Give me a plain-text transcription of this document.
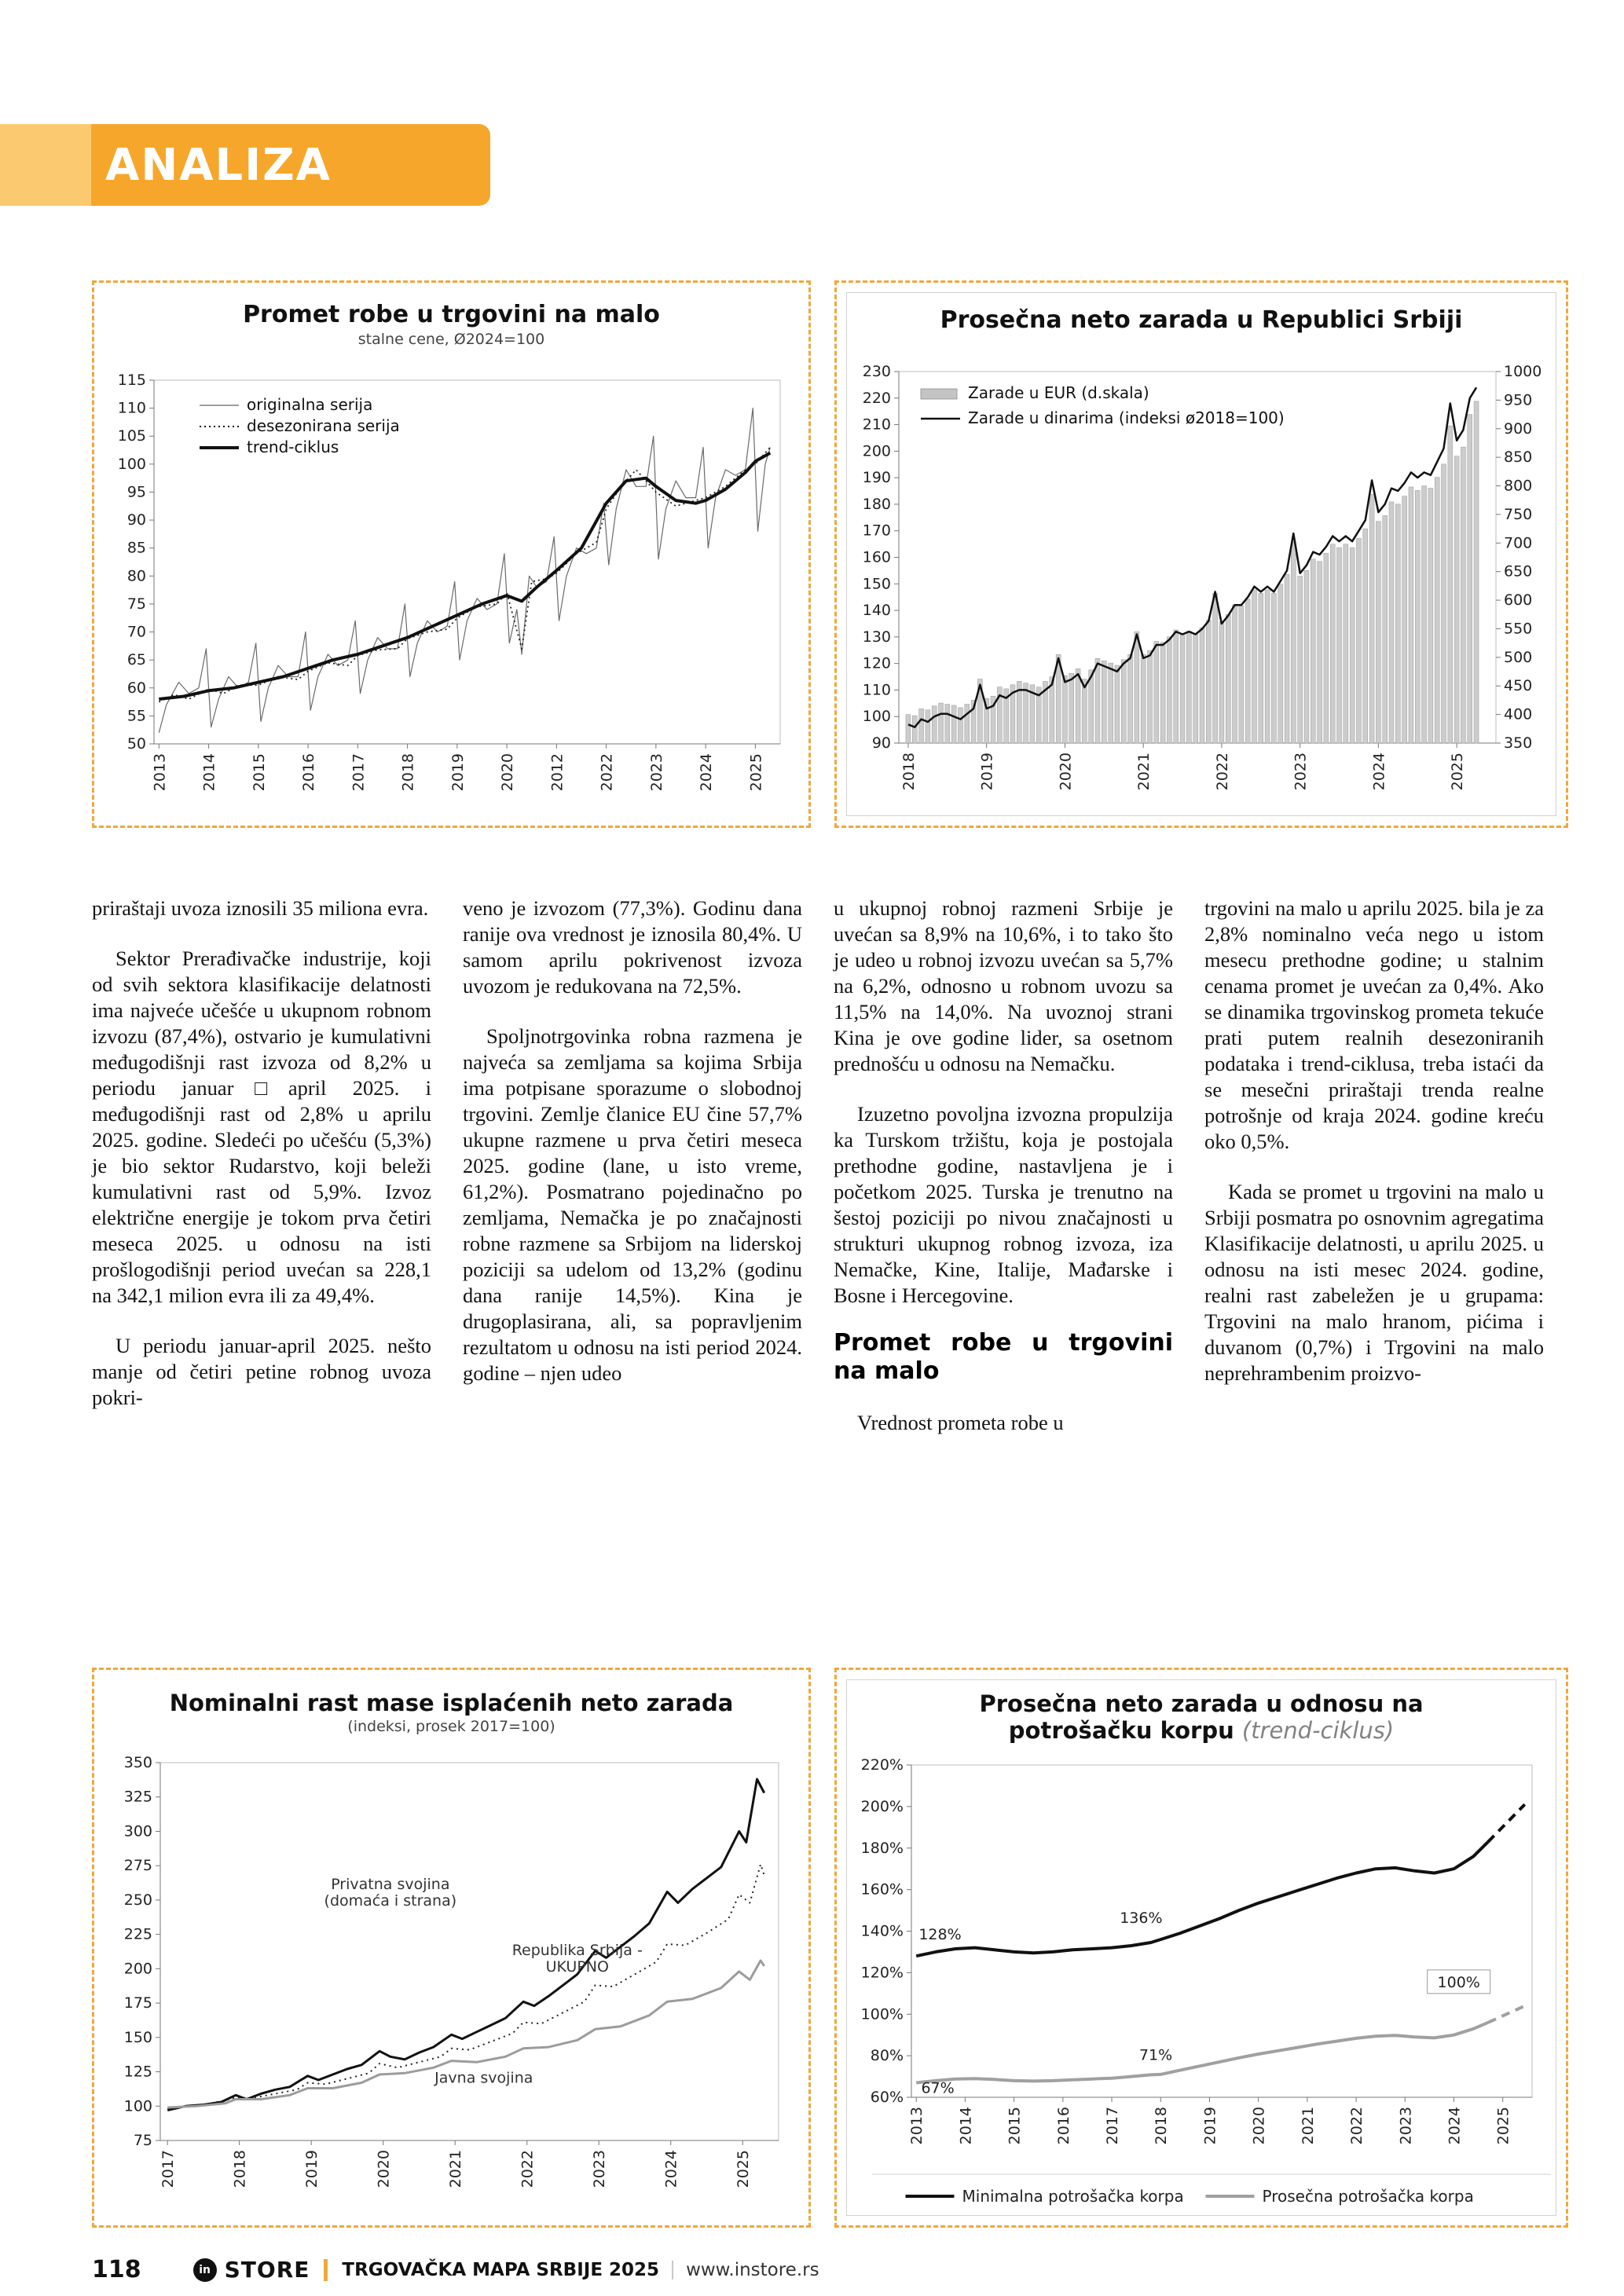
ANALIZA
Promet robe u trgovini na malo
stalne cene, Ø2024=100
50
55
60
65
70
75
80
85
90
95
100
105
110
115
2013 2014 2015 2016 2017 2018 2019 2020 2012 2022 2023 2024 2025
originalna serija
desezonirana serija
trend-ciklus
Prosečna neto zarada u Republici Srbiji
90
100
110
120
130
140
150
160
170
180
190
200
210
220
230
350
400
450
500
550
600
650
700
750
800
850
900
950
1000
2018	2019	2020	2021	2022	2023	2024	2025
Zarade u EUR (d.skala)
Zarade u dinarima (indeksi ø2018=100)

priraštaji uvoza iznosili 35 miliona evra.

Sektor Prerađivačke industrije, koji od svih sektora klasifikacije delatnosti ima najveće učešće u ukupnom robnom izvozu (87,4%), ostvario je kumulativni međugodišnji rast izvoza od 8,2% u periodu januar□april 2025. i međugodišnji rast od 2,8% u aprilu 2025. godine. Sledeći po učešću (5,3%) je bio sektor Rudarstvo, koji beleži kumulativni rast od 5,9%. Izvoz električne energije je tokom prva četiri meseca 2025. u odnosu na isti prošlogodišnji period uvećan sa 228,1 na 342,1 milion evra ili za 49,4%.

U periodu januar-april 2025. nešto manje od četiri petine robnog uvoza pokri-

veno je izvozom (77,3%). Godinu dana ranije ova vrednost je iznosila 80,4%. U samom aprilu pokrivenost izvoza uvozom je redukovana na 72,5%.

Spoljnotrgovinka robna razmena je najveća sa zemljama sa kojima Srbija ima potpisane sporazume o slobodnoj trgovini. Zemlje članice EU čine 57,7% ukupne razmene u prva četiri meseca 2025. godine (lane, u isto vreme, 61,2%). Posmatrano pojedinačno po zemljama, Nemačka je po značajnosti robne razmene sa Srbijom na liderskoj poziciji sa udelom od 13,2% (godinu dana ranije 14,5%). Kina je drugoplasirana, ali, sa popravljenim rezultatom u odnosu na isti period 2024. godine – njen udeo

u ukupnoj robnoj razmeni Srbije je uvećan sa 8,9% na 10,6%, i to tako što je udeo u robnoj izvozu uvećan sa 5,7% na 6,2%, odnosno u robnom uvozu sa 11,5% na 14,0%. Na uvoznoj strani Kina je ove godine lider, sa osetnom prednošću u odnosu na Nemačku.

Izuzetno povoljna izvozna propulzija ka Turskom tržištu, koja je postojala prethodne godine, nastavljena je i početkom 2025. Turska je trenutno na šestoj poziciji po nivou značajnosti u strukturi ukupnog robnog izvoza, iza Nemačke, Kine, Italije, Mađarske i Bosne i Hercegovine.

Promet robe u trgovini na malo

Vrednost prometa robe u

trgovini na malo u aprilu 2025. bila je za 2,8% nominalno veća nego u istom mesecu prethodne godine; u stalnim cenama promet je uvećan za 0,4%. Ako se dinamika trgovinskog prometa tekuće prati putem realnih desezoniranih podataka i trend-ciklusa, treba istaći da se mesečni priraštaji trenda realne potrošnje od kraja 2024. godine kreću oko 0,5%.

Kada se promet u trgovini na malo u Srbiji posmatra po osnovnim agregatima Klasifikacije delatnosti, u aprilu 2025. u odnosu na isti mesec 2024. godine, realni rast zabeležen je u grupama: Trgovini na malo hranom, pićima i duvanom (0,7%) i Trgovini na malo neprehrambenim proizvo-

Nominalni rast mase isplaćenih neto zarada
(indeksi, prosek 2017=100)
75
100
125
150
175
200
225
250
275
300
325
350
2017	2018	2019	2020	2021	2022	2023	2024	2025
Privatna svojina (domaća i strana)
Republika Srbija -UKUPNO
Javna svojina
Prosečna neto zarada u odnosu na
potrošačku korpu (trend-ciklus)
60%
80%
100%
120%
140%
160%
180%
200%
220%
2013 2014 2015 2016 2017 2018 2019 2020 2021 2022 2023 2024 2025
128%
136%
67%
71%
100%
Minimalna potrošačka korpa	Prosečna potrošačka korpa
118	in STORE TRGOVAČKA MAPA SRBIJE 2025 www.instore.rs
